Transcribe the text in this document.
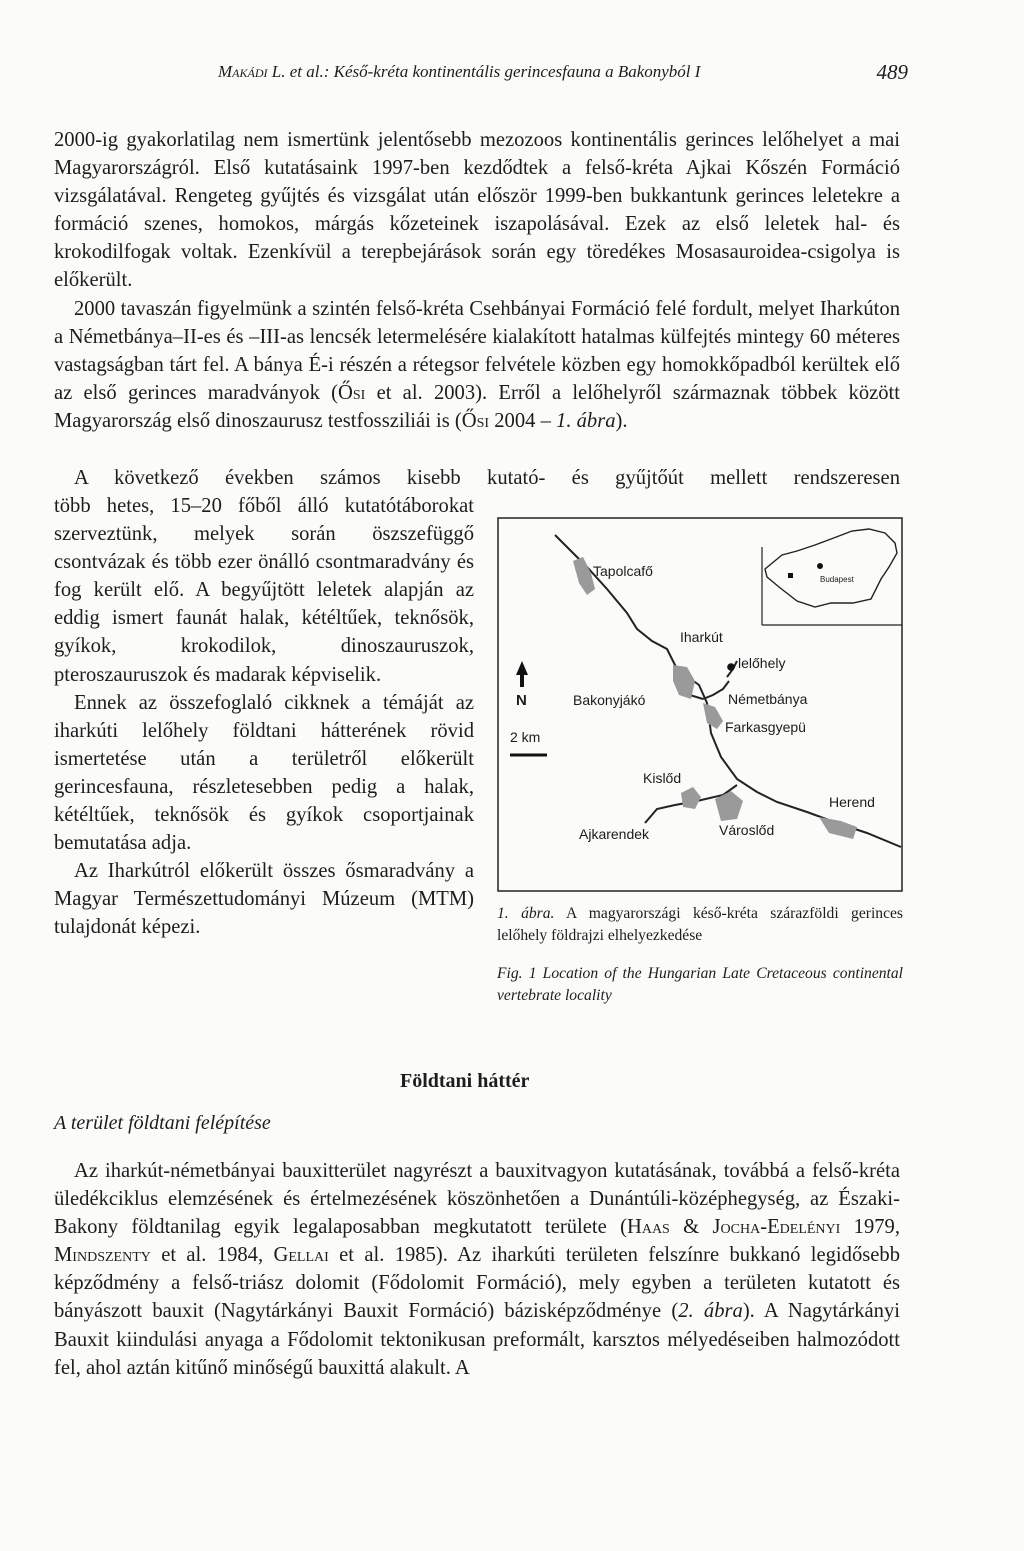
Makádi L. et al.: Késő-kréta kontinentális gerincesfauna a Bakonyból I	489

2000-ig gyakorlatilag nem ismertünk jelentősebb mezozoos kontinentális gerinces lelőhelyet a mai Magyarországról. Első kutatásaink 1997-ben kezdődtek a felső-kréta Ajkai Kőszén Formáció vizsgálatával. Rengeteg gyűjtés és vizsgálat után először 1999-ben bukkantunk gerinces leletekre a formáció szenes, homokos, márgás kőzeteinek iszapolásával. Ezek az első leletek hal- és krokodilfogak voltak. Ezenkívül a terepbejárások során egy töredékes Mosasauroidea-csigolya is előkerült.

2000 tavaszán figyelmünk a szintén felső-kréta Csehbányai Formáció felé fordult, melyet Iharkúton a Németbánya–II-es és –III-as lencsék letermelésére kialakított hatalmas külfejtés mintegy 60 méteres vastagságban tárt fel. A bánya É-i részén a rétegsor felvétele közben egy homokkőpadból kerültek elő az első gerinces maradványok (Ősi et al. 2003). Erről a lelőhelyről származnak többek között Magyarország első dinoszaurusz testfossziliái is (Ősi 2004 – 1. ábra).

A következő években számos kisebb kutató- és gyűjtőút mellett rendszeresen

több hetes, 15–20 főből álló kutatótáborokat szerveztünk, melyek során öszszefüggő csontvázak és több ezer önálló csontmaradvány és fog került elő. A begyűjtött leletek alapján az eddig ismert faunát halak, kétéltűek, teknősök, gyíkok, krokodilok, dinoszauruszok, pteroszauruszok és madarak képviselik.

Ennek az összefoglaló cikknek a témáját az iharkúti lelőhely földtani hátterének rövid ismertetése után a területről előkerült gerincesfauna, részletesebben pedig a halak, kétéltűek, teknősök és gyíkok csoportjainak bemutatása adja.

Az Iharkútról előkerült összes ősmaradvány a Magyar Természettudományi Múzeum (MTM) tulajdonát képezi.

N
2 km
Tapolcafő
Budapest
Iharkút
lelőhely
Bakonyjákó	Németbánya
Farkasgyepü
Kislőd
Herend
Ajkarendek	Városlőd
1. ábra. A magyarországi késő-kréta szárazföldi gerinces lelőhely földrajzi elhelyezkedése
Fig. 1 Location of the Hungarian Late Cretaceous continental vertebrate locality
Földtani háttér
A terület földtani felépítése

Az iharkút-németbányai bauxitterület nagyrészt a bauxitvagyon kutatásának, továbbá a felső-kréta üledékciklus elemzésének és értelmezésének köszönhetően a Dunántúli-középhegység, az Északi-Bakony földtanilag egyik legalaposabban megkutatott területe (Haas & Jocha-Edelényi 1979, Mindszenty et al. 1984, Gellai et al. 1985). Az iharkúti területen felszínre bukkanó legidősebb képződmény a felső-triász dolomit (Fődolomit Formáció), mely egyben a területen kutatott és bányászott bauxit (Nagytárkányi Bauxit Formáció) bázisképződménye (2. ábra). A Nagytárkányi Bauxit kiindulási anyaga a Fődolomit tektonikusan preformált, karsztos mélyedéseiben halmozódott fel, ahol aztán kitűnő minőségű bauxittá alakult. A
